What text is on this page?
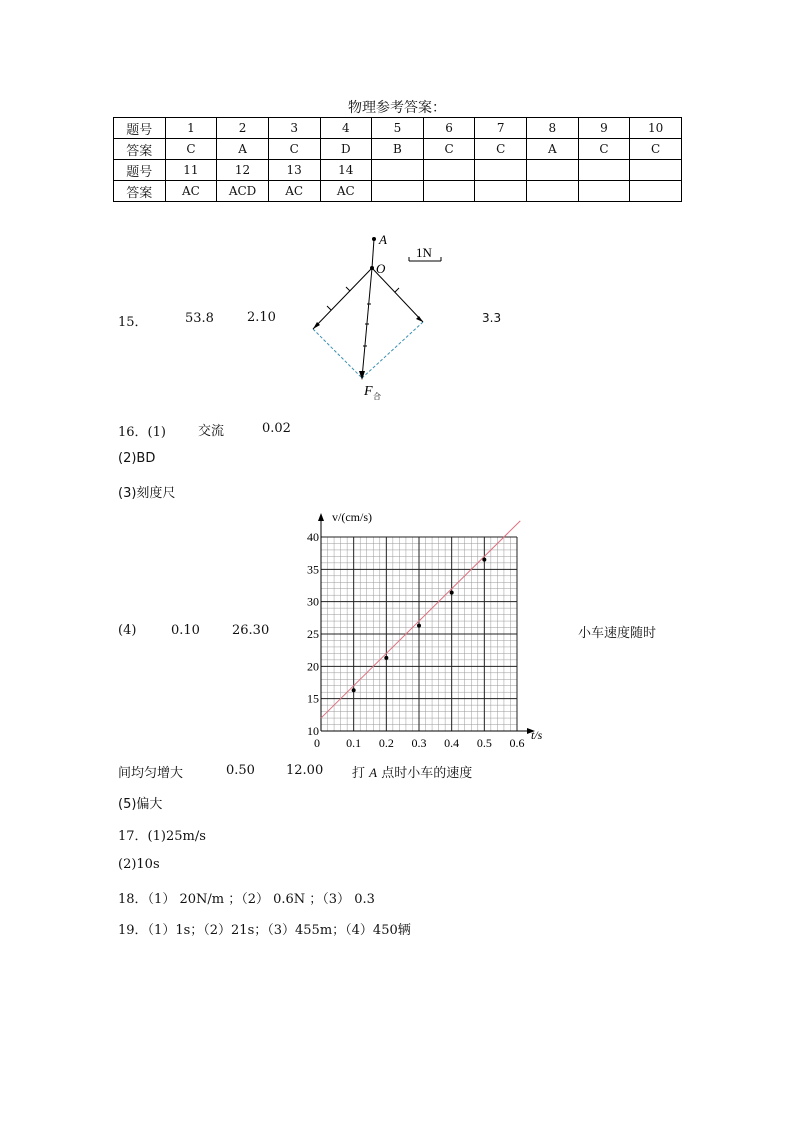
物理参考答案：
题号	1	2	3	4	5	6	7	8	9	10
答案	C	A	C	D	B	C	C	A	C	C
题号	11	12	13	14						
答案	AC	ACD	AC	AC						
15．	53.8	2.10	3.3
A
O
1N
F 合
16．(1) 交流	0.02
(2)BD
(3)刻度尺
(4)	0.10 26.30	小车速度随时
0 0.1 0.2 0.3 0.4 0.5 0.6
10
15
20
25
30
35
40
v/(cm/s)
t/s
间均匀增大	0.50 12.00 打 A 点时小车的速度
(5)偏大
17．(1)25m/s
(2)10s
18．（1） 20N/m ；（2） 0.6N ；（3） 0.3
19．（1）1s；（2）21s；（3）455m；（4）450辆
